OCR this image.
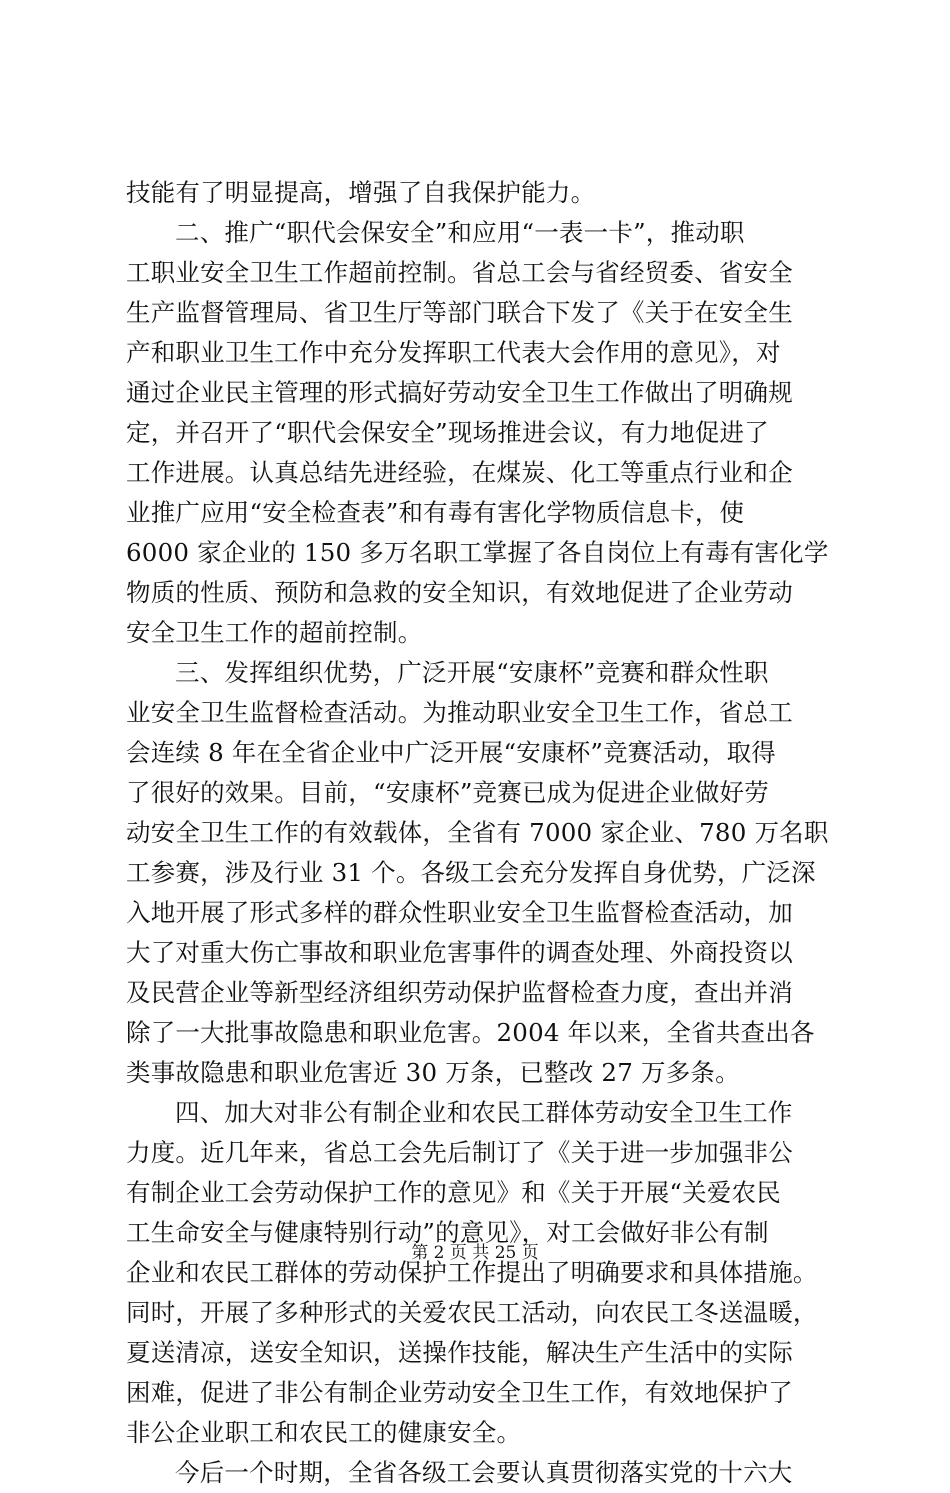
技能有了明显提高，增强了自我保护能力。
二、推广“职代会保安全”和应用“一表一卡”，推动职
工职业安全卫生工作超前控制。省总工会与省经贸委、省安全
生产监督管理局、省卫生厅等部门联合下发了《关于在安全生
产和职业卫生工作中充分发挥职工代表大会作用的意见》，对
通过企业民主管理的形式搞好劳动安全卫生工作做出了明确规
定，并召开了“职代会保安全”现场推进会议，有力地促进了
工作进展。认真总结先进经验，在煤炭、化工等重点行业和企
业推广应用“安全检查表”和有毒有害化学物质信息卡，使
6000 家企业的 150 多万名职工掌握了各自岗位上有毒有害化学
物质的性质、预防和急救的安全知识，有效地促进了企业劳动
安全卫生工作的超前控制。
三、发挥组织优势，广泛开展“安康杯”竞赛和群众性职
业安全卫生监督检查活动。为推动职业安全卫生工作，省总工
会连续 8 年在全省企业中广泛开展“安康杯”竞赛活动，取得
了很好的效果。目前，“安康杯”竞赛已成为促进企业做好劳
动安全卫生工作的有效载体，全省有 7000 家企业、780 万名职
工参赛，涉及行业 31 个。各级工会充分发挥自身优势，广泛深
入地开展了形式多样的群众性职业安全卫生监督检查活动，加
大了对重大伤亡事故和职业危害事件的调查处理、外商投资以
及民营企业等新型经济组织劳动保护监督检查力度，查出并消
除了一大批事故隐患和职业危害。2004 年以来，全省共查出各
类事故隐患和职业危害近 30 万条，已整改 27 万多条。
四、加大对非公有制企业和农民工群体劳动安全卫生工作
力度。近几年来，省总工会先后制订了《关于进一步加强非公
有制企业工会劳动保护工作的意见》和《关于开展“关爱农民
工生命安全与健康特别行动”的意见》，对工会做好非公有制
企业和农民工群体的劳动保护工作提出了明确要求和具体措施。
同时，开展了多种形式的关爱农民工活动，向农民工冬送温暖，
夏送清凉，送安全知识，送操作技能，解决生产生活中的实际
困难，促进了非公有制企业劳动安全卫生工作，有效地保护了
非公企业职工和农民工的健康安全。
今后一个时期，全省各级工会要认真贯彻落实党的十六大
第 2 页 共 25 页
